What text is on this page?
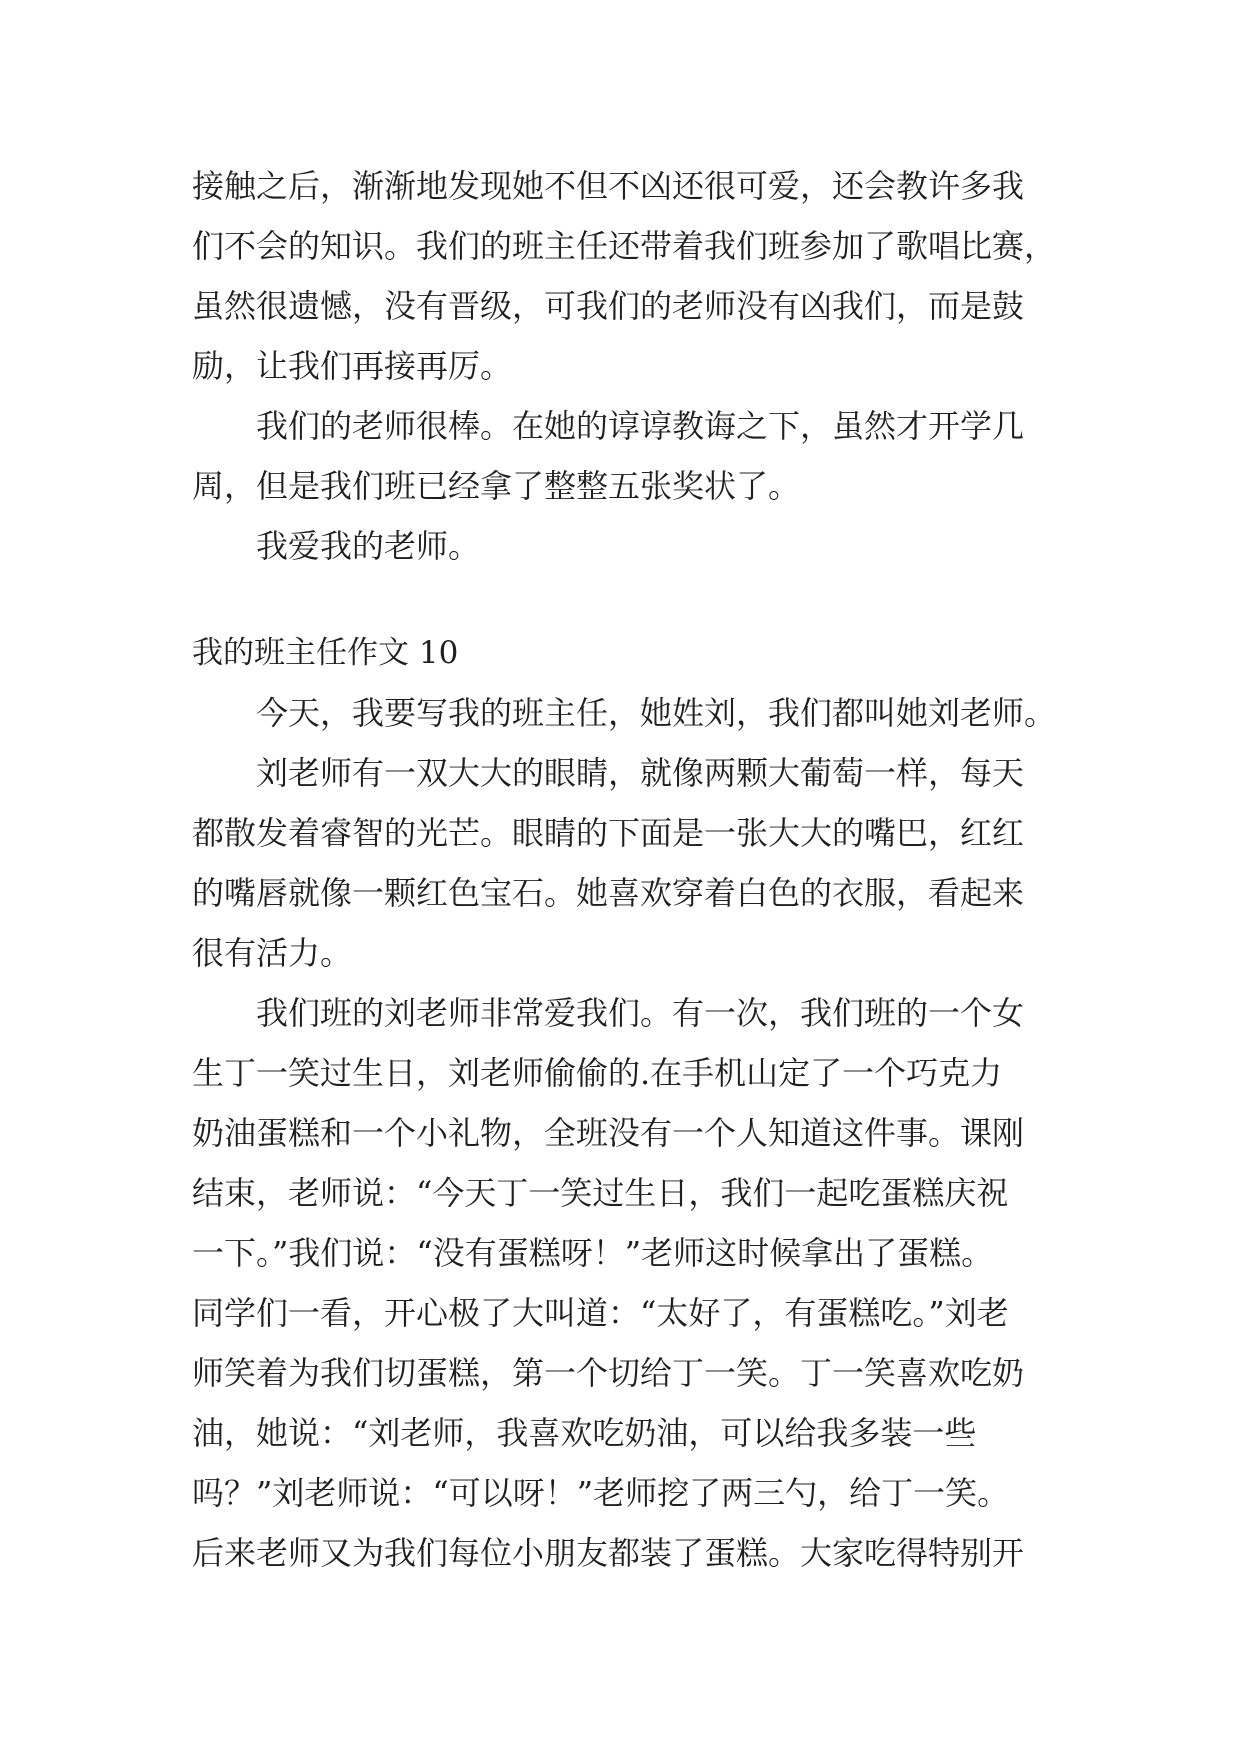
接触之后，渐渐地发现她不但不凶还很可爱，还会教许多我
们不会的知识。我们的班主任还带着我们班参加了歌唱比赛，
虽然很遗憾，没有晋级，可我们的老师没有凶我们，而是鼓
励，让我们再接再厉。
我们的老师很棒。在她的谆谆教诲之下，虽然才开学几
周，但是我们班已经拿了整整五张奖状了。
我爱我的老师。
我的班主任作文 10
今天，我要写我的班主任，她姓刘，我们都叫她刘老师。
刘老师有一双大大的眼睛，就像两颗大葡萄一样，每天
都散发着睿智的光芒。眼睛的下面是一张大大的嘴巴，红红
的嘴唇就像一颗红色宝石。她喜欢穿着白色的衣服，看起来
很有活力。
我们班的刘老师非常爱我们。有一次，我们班的一个女
生丁一笑过生日，刘老师偷偷的.在手机山定了一个巧克力
奶油蛋糕和一个小礼物，全班没有一个人知道这件事。课刚
结束，老师说：“今天丁一笑过生日，我们一起吃蛋糕庆祝
一下。”我们说：“没有蛋糕呀！”老师这时候拿出了蛋糕。
同学们一看，开心极了大叫道：“太好了，有蛋糕吃。”刘老
师笑着为我们切蛋糕，第一个切给丁一笑。丁一笑喜欢吃奶
油，她说：“刘老师，我喜欢吃奶油，可以给我多装一些
吗？”刘老师说：“可以呀！”老师挖了两三勺，给丁一笑。
后来老师又为我们每位小朋友都装了蛋糕。大家吃得特别开
